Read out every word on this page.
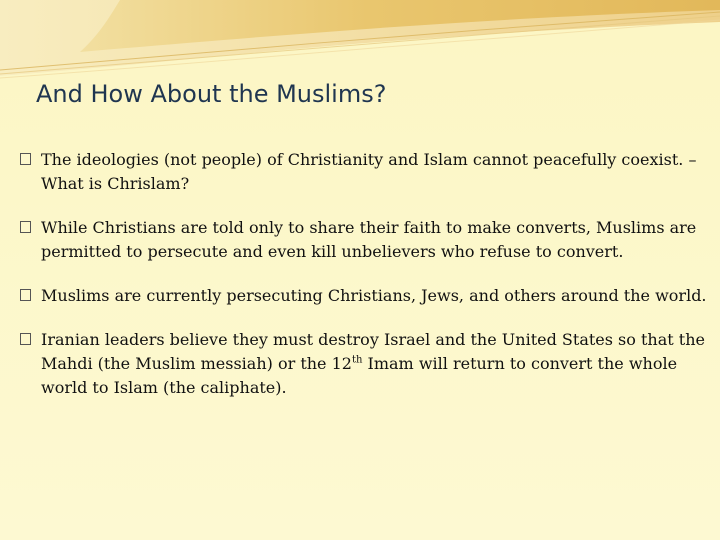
And How About the Muslims?
The ideologies (not people) of Christianity and Islam cannot peacefully coexist. – What is Chrislam?
While Christians are told only to share their faith to make converts, Muslims are permitted to persecute and even kill unbelievers who refuse to convert.
Muslims are currently persecuting Christians, Jews, and others around the world.
Iranian leaders believe they must destroy Israel and the United States so that the Mahdi (the Muslim messiah) or the 12th Imam will return to convert the whole world to Islam (the caliphate).
